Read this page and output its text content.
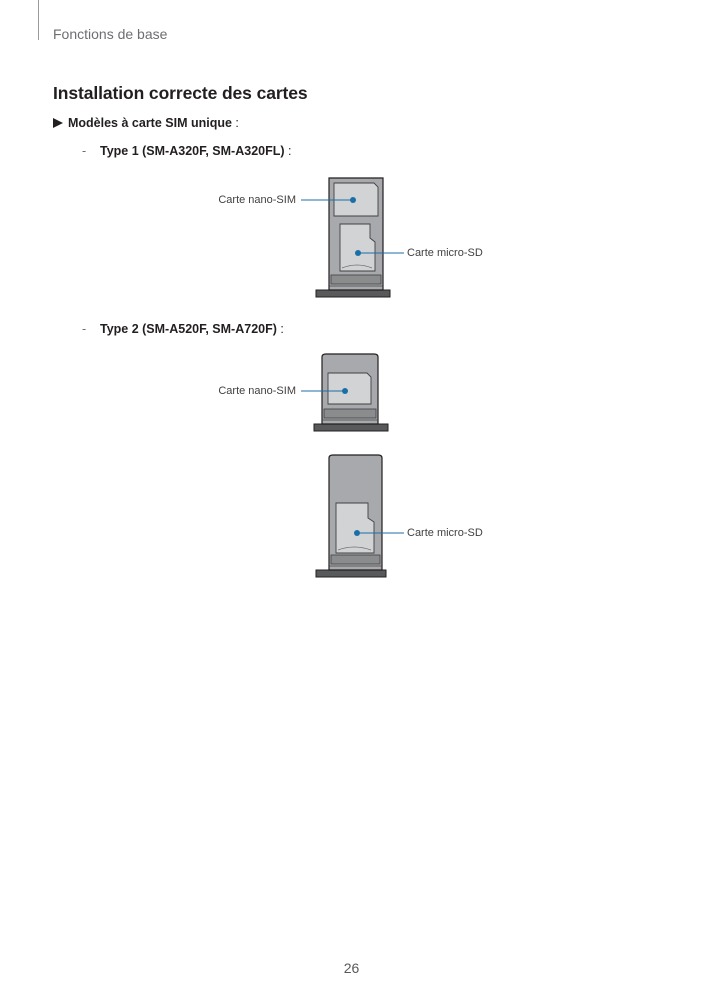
Fonctions de base
Installation correcte des cartes
Modèles à carte SIM unique :
- Type 1 (SM-A320F, SM-A320FL) :
- Type 2 (SM-A520F, SM-A720F) :
Carte nano-SIM
Carte micro-SD
Carte nano-SIM
Carte micro-SD
26
